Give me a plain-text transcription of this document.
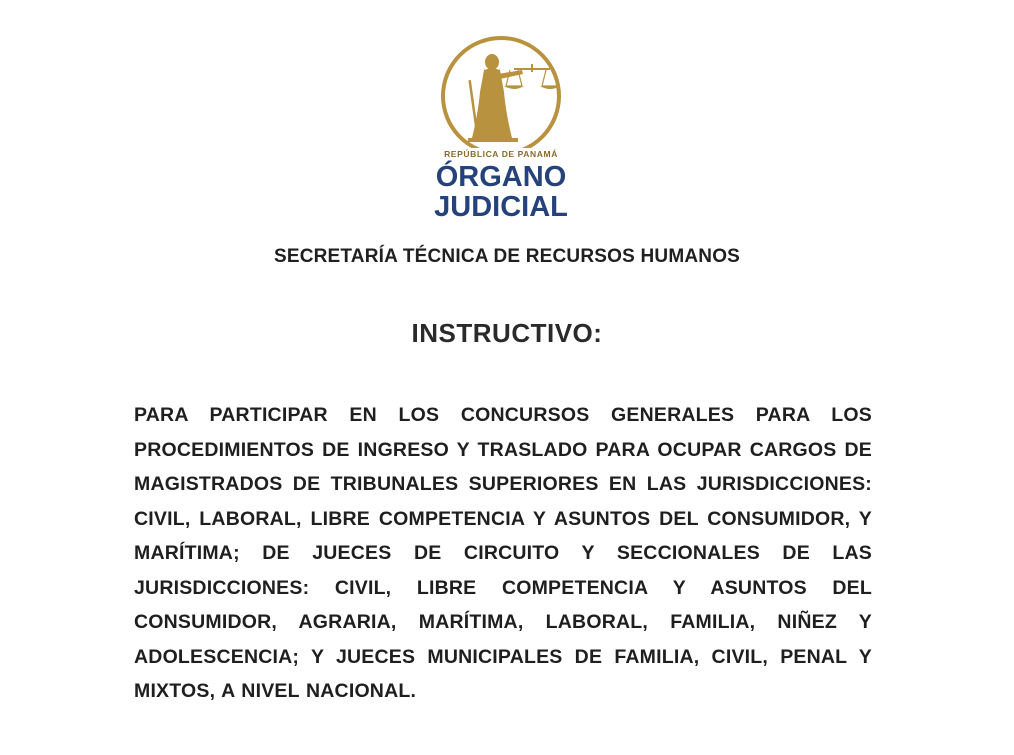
REPÚBLICA DE PANAMÁ
ÓRGANO
JUDICIAL
SECRETARÍA TÉCNICA DE RECURSOS HUMANOS
INSTRUCTIVO:
PARA PARTICIPAR EN LOS CONCURSOS GENERALES PARA LOS PROCEDIMIENTOS DE INGRESO Y TRASLADO PARA OCUPAR CARGOS DE MAGISTRADOS DE TRIBUNALES SUPERIORES EN LAS JURISDICCIONES: CIVIL, LABORAL, LIBRE COMPETENCIA Y ASUNTOS DEL CONSUMIDOR, Y MARÍTIMA; DE JUECES DE CIRCUITO Y SECCIONALES DE LAS JURISDICCIONES: CIVIL, LIBRE COMPETENCIA Y ASUNTOS DEL CONSUMIDOR, AGRARIA, MARÍTIMA, LABORAL, FAMILIA, NIÑEZ Y ADOLESCENCIA; Y JUECES MUNICIPALES DE FAMILIA, CIVIL, PENAL Y MIXTOS, A NIVEL NACIONAL.
